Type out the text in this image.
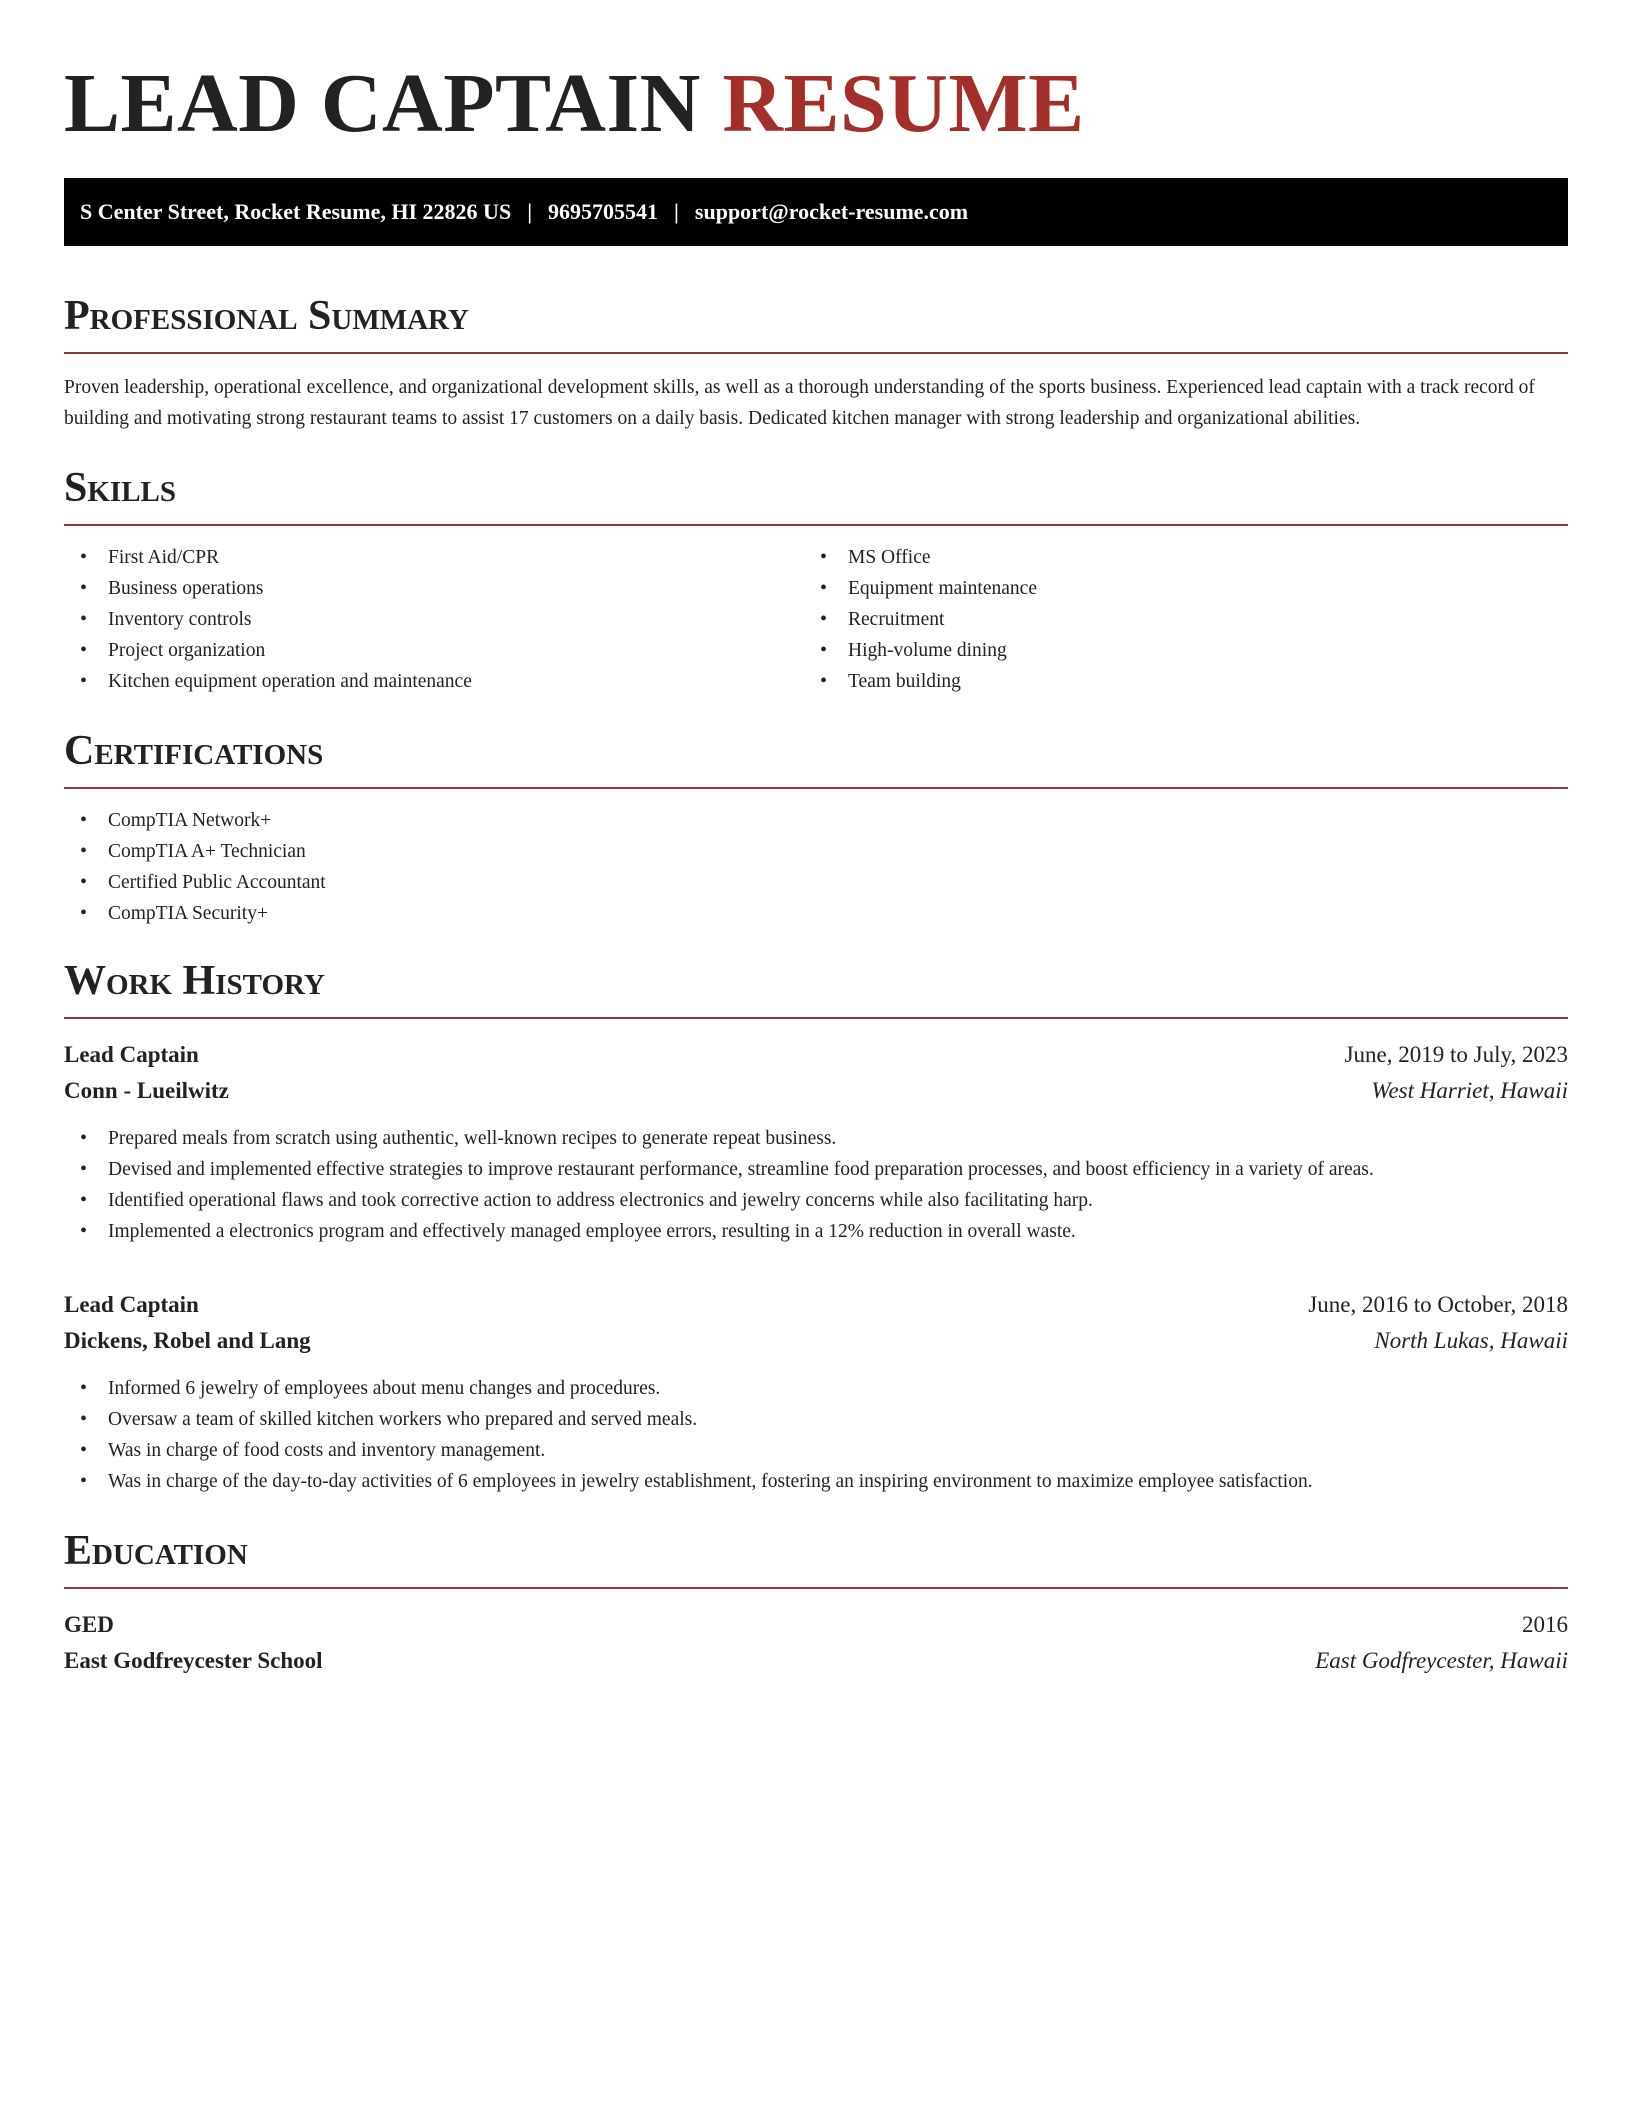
LEAD CAPTAIN RESUME
S Center Street, Rocket Resume, HI 22826 US | 9695705541 | support@rocket-resume.com
Professional Summary

Proven leadership, operational excellence, and organizational development skills, as well as a thorough understanding of the sports business. Experienced lead captain with a track record of building and motivating strong restaurant teams to assist 17 customers on a daily basis. Dedicated kitchen manager with strong leadership and organizational abilities.

Skills
• First Aid/CPR
• Business operations
• Inventory controls
• Project organization
• Kitchen equipment operation and maintenance
• MS Office
• Equipment maintenance
• Recruitment
• High-volume dining
• Team building
Certifications
• CompTIA Network+
• CompTIA A+ Technician
• Certified Public Accountant
• CompTIA Security+
Work History
Lead Captain	June, 2019 to July, 2023
Conn - Lueilwitz	West Harriet, Hawaii
• Prepared meals from scratch using authentic, well-known recipes to generate repeat business.
• Devised and implemented effective strategies to improve restaurant performance, streamline food preparation processes, and boost efficiency in a variety of areas.
• Identified operational flaws and took corrective action to address electronics and jewelry concerns while also facilitating harp.
• Implemented a electronics program and effectively managed employee errors, resulting in a 12% reduction in overall waste.
Lead Captain	June, 2016 to October, 2018
Dickens, Robel and Lang	North Lukas, Hawaii
• Informed 6 jewelry of employees about menu changes and procedures.
• Oversaw a team of skilled kitchen workers who prepared and served meals.
• Was in charge of food costs and inventory management.
• Was in charge of the day-to-day activities of 6 employees in jewelry establishment, fostering an inspiring environment to maximize employee satisfaction.
Education
GED	2016
East Godfreycester School	East Godfreycester, Hawaii
